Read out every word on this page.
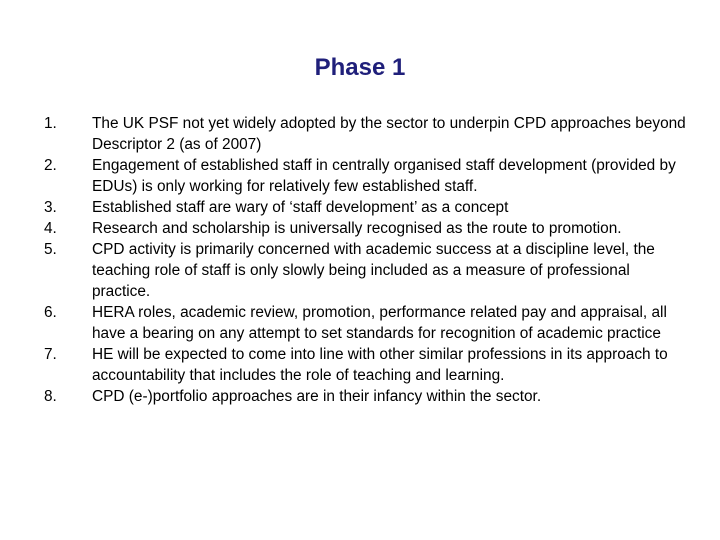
Phase 1
1.	The UK PSF not yet widely adopted by the sector to underpin CPD approaches beyond Descriptor 2 (as of 2007)
2.	Engagement of established staff in centrally organised staff development (provided by EDUs) is only working for relatively few established staff.
3.	Established staff are wary of ‘staff development’ as a concept
4.	Research and scholarship is universally recognised as the route to promotion.
5.	CPD activity is primarily concerned with academic success at a discipline level, the teaching role of staff is only slowly being included as a measure of professional practice.
6.	HERA roles, academic review, promotion, performance related pay and appraisal, all have a bearing on any attempt to set standards for recognition of academic practice
7.	HE will be expected to come into line with other similar professions in its approach to accountability that includes the role of teaching and learning.
8.	CPD (e-)portfolio approaches are in their infancy within the sector.
